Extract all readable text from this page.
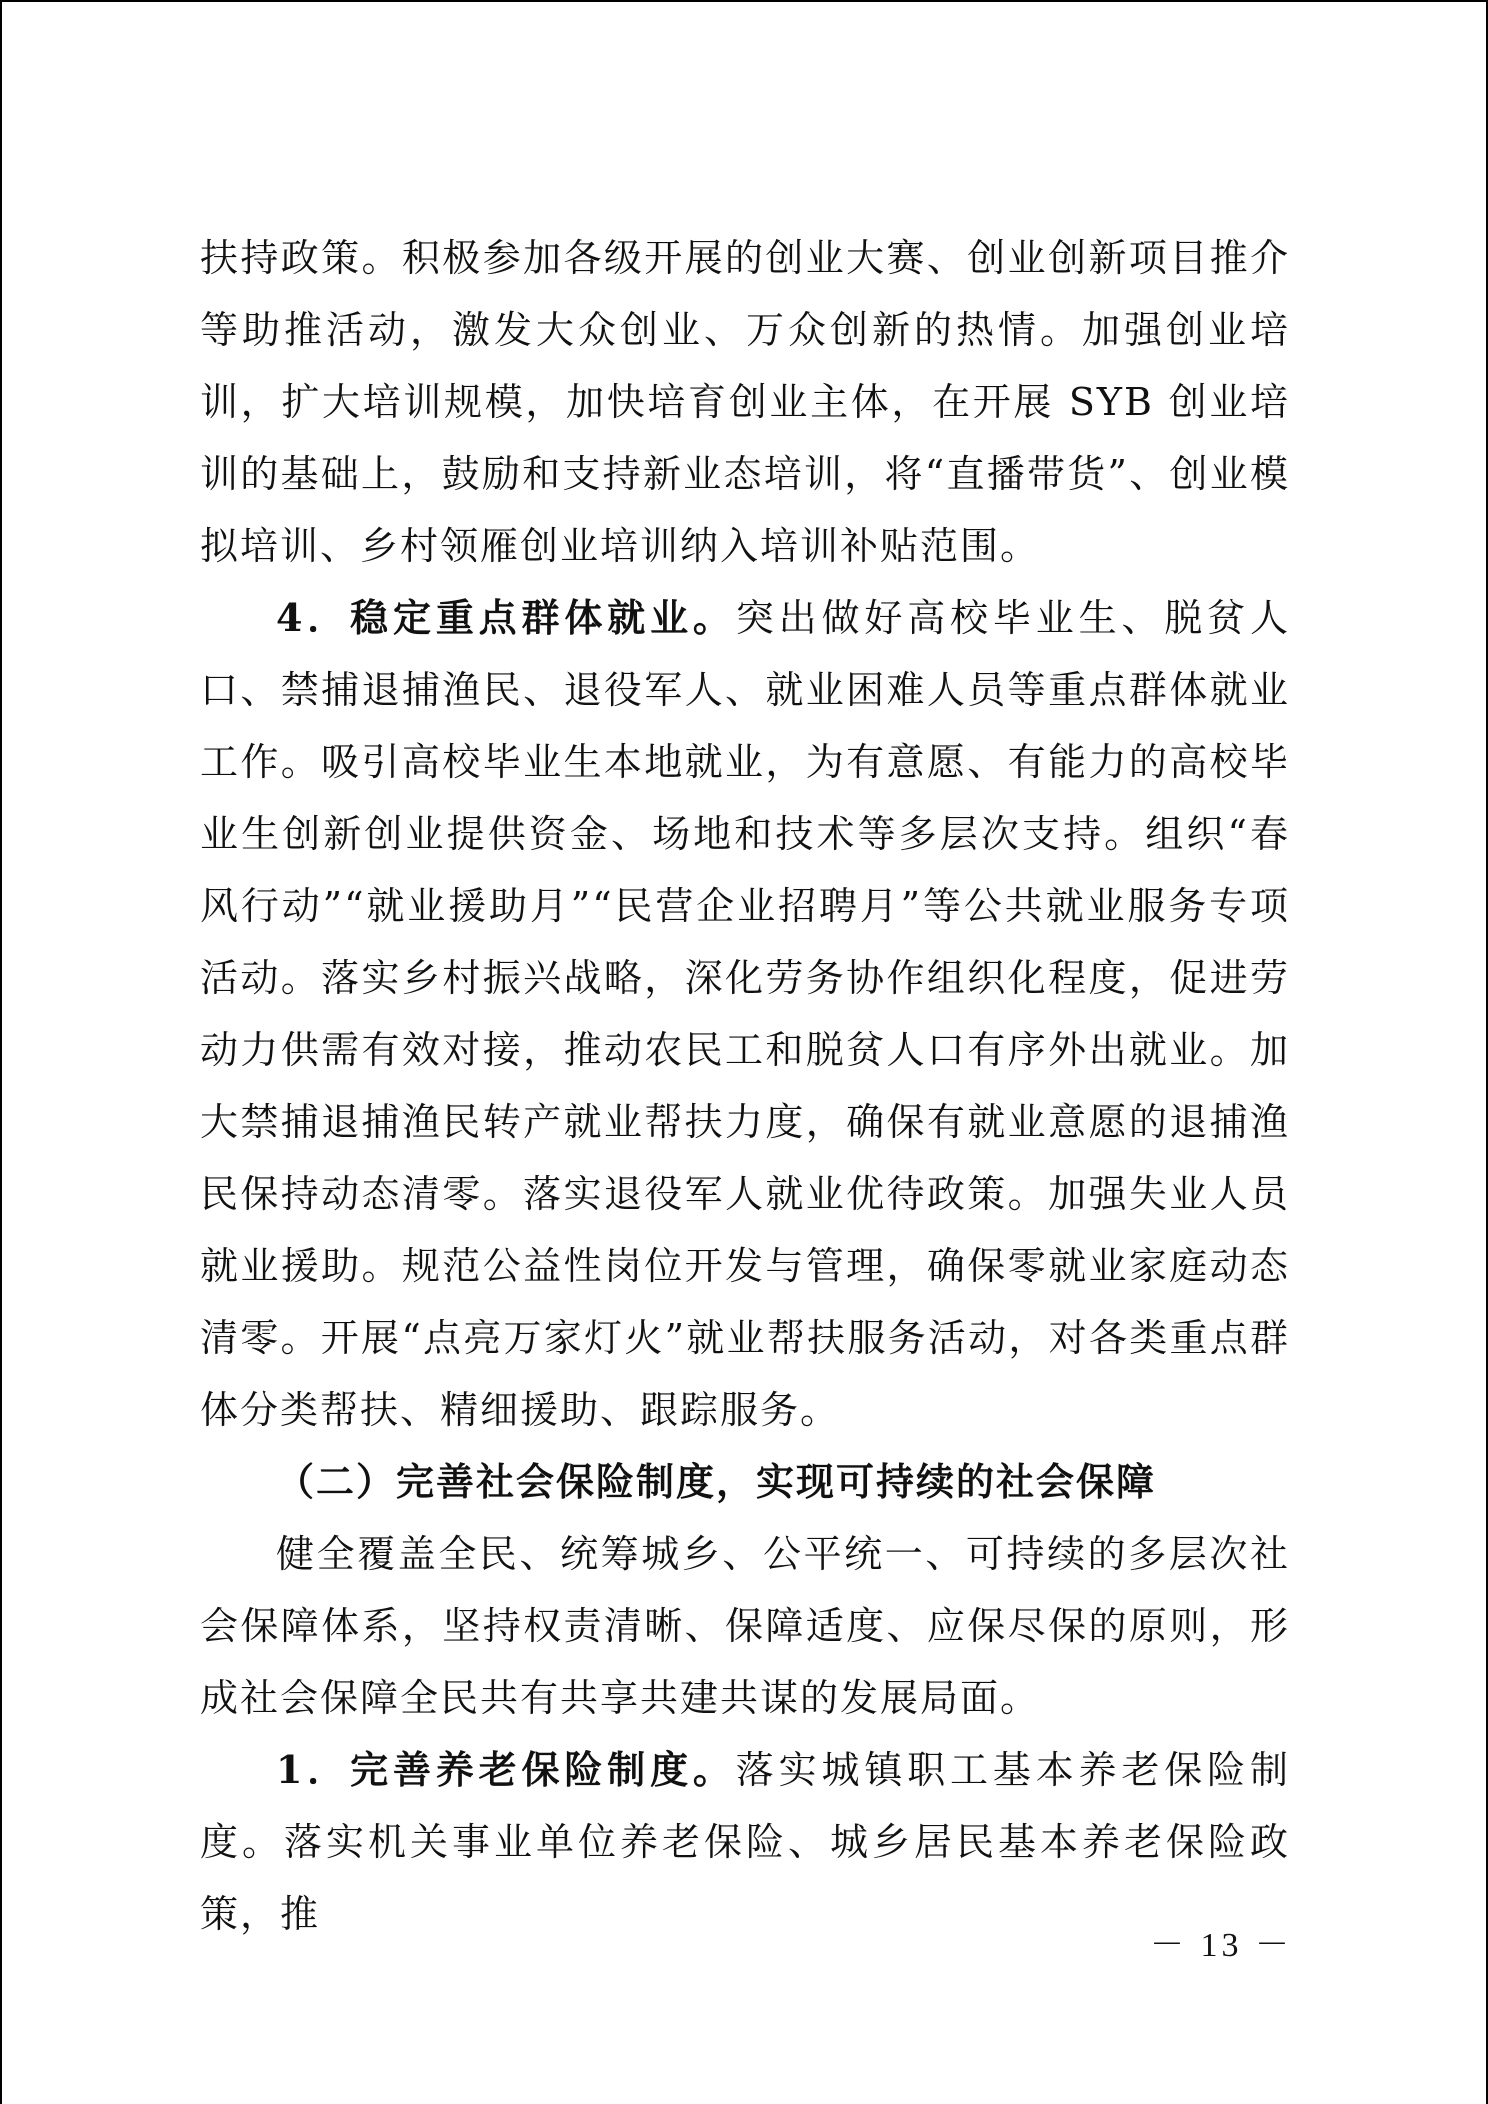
扶持政策。积极参加各级开展的创业大赛、创业创新项目推介等助推活动，激发大众创业、万众创新的热情。加强创业培训，扩大培训规模，加快培育创业主体，在开展 SYB 创业培训的基础上，鼓励和支持新业态培训，将“直播带货”、创业模拟培训、乡村领雁创业培训纳入培训补贴范围。

4．稳定重点群体就业。突出做好高校毕业生、脱贫人口、禁捕退捕渔民、退役军人、就业困难人员等重点群体就业工作。吸引高校毕业生本地就业，为有意愿、有能力的高校毕业生创新创业提供资金、场地和技术等多层次支持。组织“春风行动”“就业援助月”“民营企业招聘月”等公共就业服务专项活动。落实乡村振兴战略，深化劳务协作组织化程度，促进劳动力供需有效对接，推动农民工和脱贫人口有序外出就业。加大禁捕退捕渔民转产就业帮扶力度，确保有就业意愿的退捕渔民保持动态清零。落实退役军人就业优待政策。加强失业人员就业援助。规范公益性岗位开发与管理，确保零就业家庭动态清零。开展“点亮万家灯火”就业帮扶服务活动，对各类重点群体分类帮扶、精细援助、跟踪服务。

（二）完善社会保险制度，实现可持续的社会保障

健全覆盖全民、统筹城乡、公平统一、可持续的多层次社会保障体系，坚持权责清晰、保障适度、应保尽保的原则，形成社会保障全民共有共享共建共谋的发展局面。

1．完善养老保险制度。落实城镇职工基本养老保险制度。落实机关事业单位养老保险、城乡居民基本养老保险政策，推

－ 13 －
